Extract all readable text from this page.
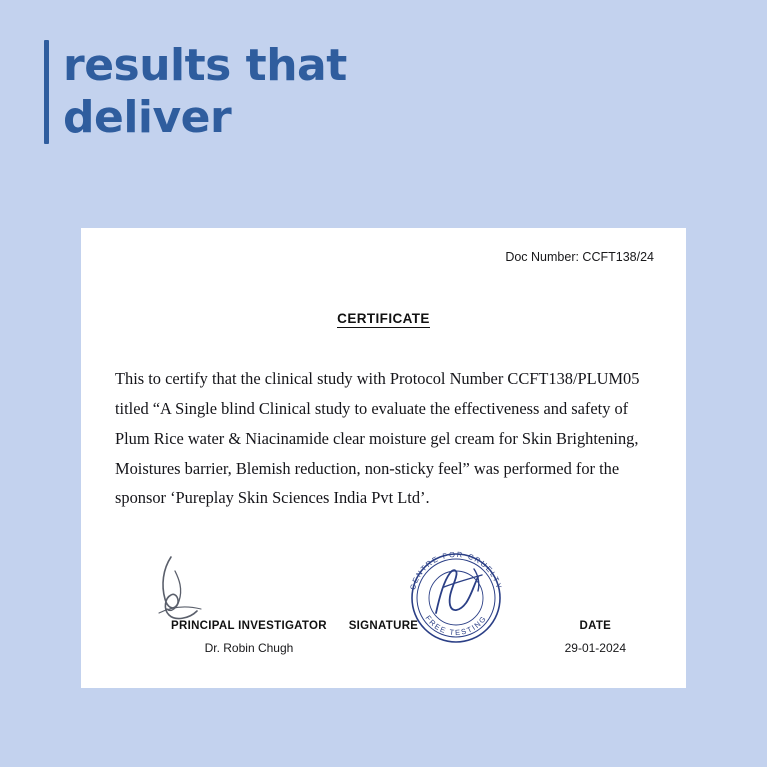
results that
deliver
Doc Number: CCFT138/24
CERTIFICATE
This to certify that the clinical study with Protocol Number CCFT138/PLUM05 titled “A Single blind Clinical study to evaluate the effectiveness and safety of Plum Rice water & Niacinamide clear moisture gel cream for Skin Brightening, Moistures barrier, Blemish reduction, non-sticky feel” was performed for the sponsor ‘Pureplay Skin Sciences India Pvt Ltd’.
CENTRE FOR CRUELTY
FREE TESTING
PRINCIPAL INVESTIGATOR
Dr. Robin Chugh
SIGNATURE	DATE
29-01-2024
